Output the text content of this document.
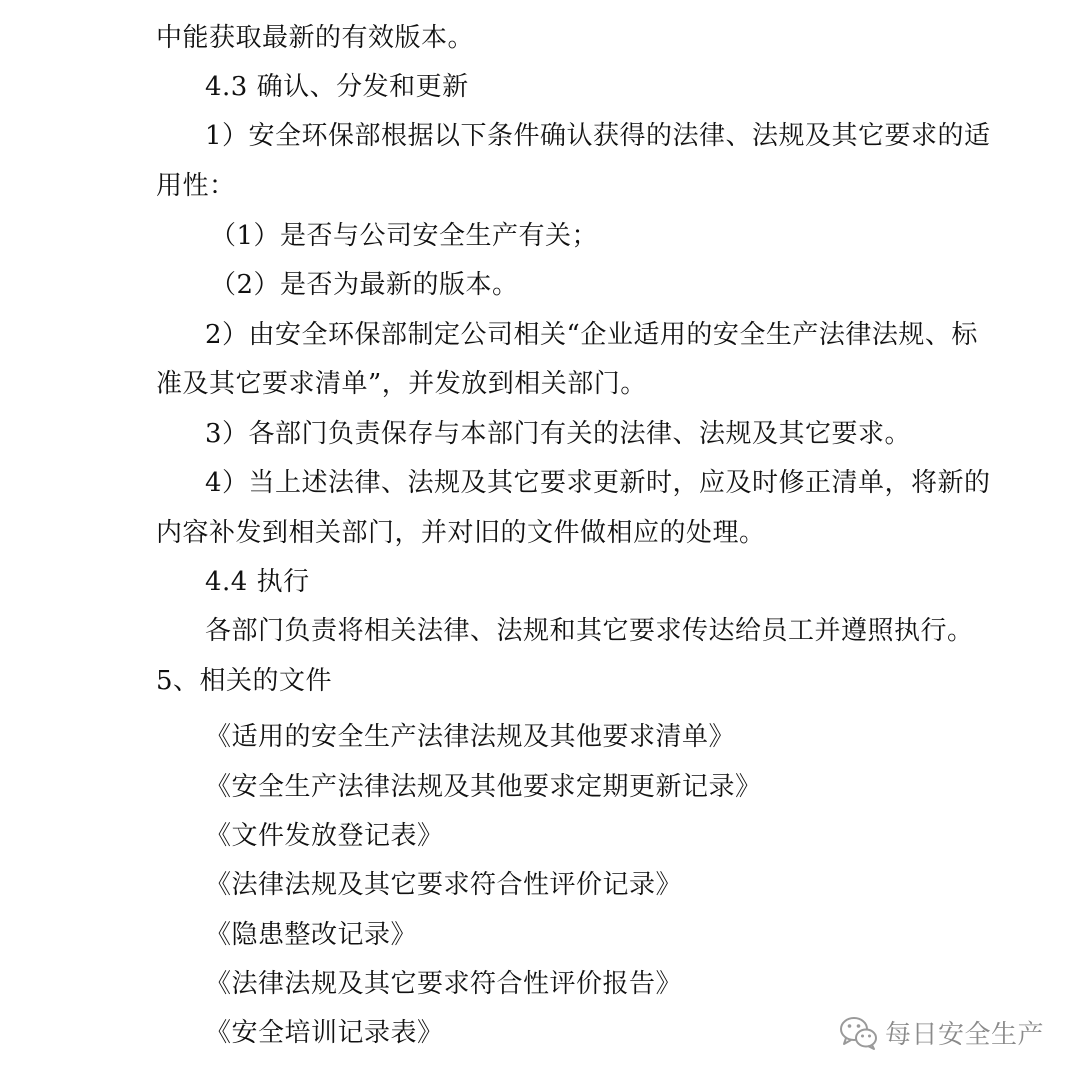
中能获取最新的有效版本。
4.3 确认、分发和更新
1）安全环保部根据以下条件确认获得的法律、法规及其它要求的适
用性：
（1）是否与公司安全生产有关；
（2）是否为最新的版本。
2）由安全环保部制定公司相关“企业适用的安全生产法律法规、标
准及其它要求清单”，并发放到相关部门。
3）各部门负责保存与本部门有关的法律、法规及其它要求。
4）当上述法律、法规及其它要求更新时，应及时修正清单，将新的
内容补发到相关部门，并对旧的文件做相应的处理。
4.4 执行
各部门负责将相关法律、法规和其它要求传达给员工并遵照执行。
5、相关的文件
《适用的安全生产法律法规及其他要求清单》
《安全生产法律法规及其他要求定期更新记录》
《文件发放登记表》
《法律法规及其它要求符合性评价记录》
《隐患整改记录》
《法律法规及其它要求符合性评价报告》
《安全培训记录表》	每日安全生产
